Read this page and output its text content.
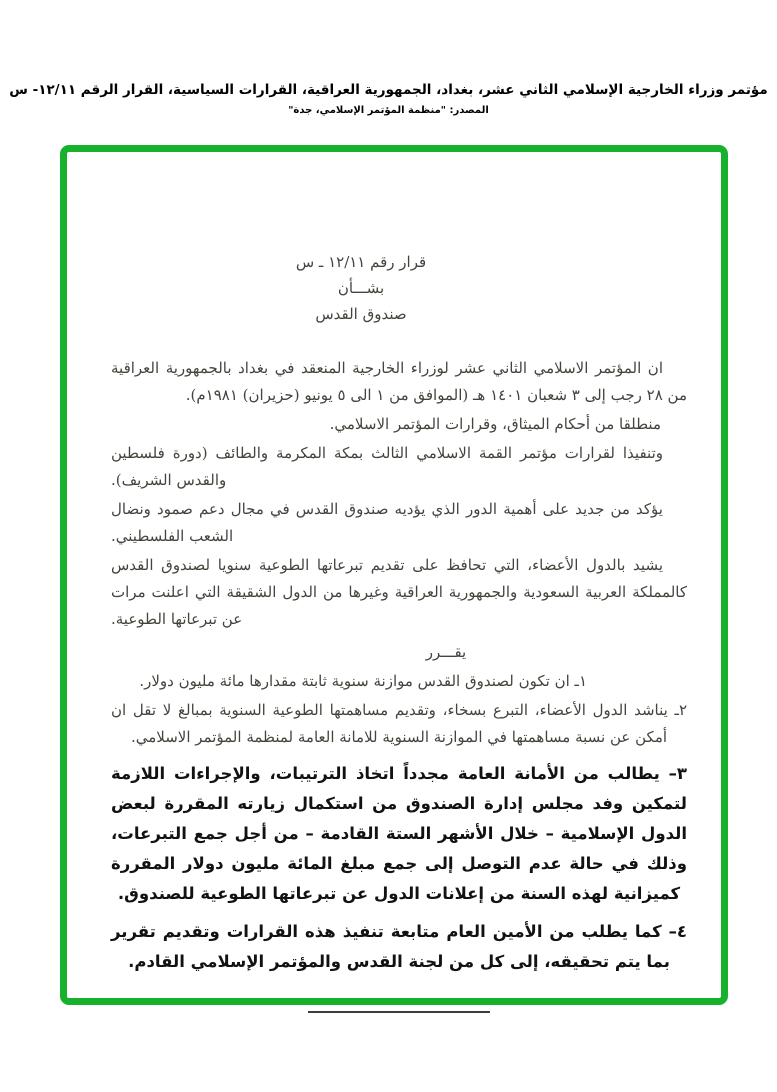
مؤتمر وزراء الخارجية الإسلامي الثاني عشر، بغداد، الجمهورية العراقية، القرارات السياسية، القرار الرقم ١٢/١١- س
المصدر: "منظمة المؤتمر الإسلامي، جدة"
قرار رقم ١٢/١١ ـ س
بشـــأن
صندوق القدس

ان المؤتمر الاسلامي الثاني عشر لوزراء الخارجية المنعقد في بغداد بالجمهورية العراقية من ٢٨ رجب إلى ٣ شعبان ١٤٠١ هـ (الموافق من ١ الى ٥ يونيو (حزيران) ١٩٨١م).

منطلقا من أحكام الميثاق، وقرارات المؤتمر الاسلامي.

وتنفيذا لقرارات مؤتمر القمة الاسلامي الثالث بمكة المكرمة والطائف (دورة فلسطين والقدس الشريف).

يؤكد من جديد على أهمية الدور الذي يؤديه صندوق القدس في مجال دعم صمود ونضال الشعب الفلسطيني.

يشيد بالدول الأعضاء، التي تحافظ على تقديم تبرعاتها الطوعية سنويا لصندوق القدس كالمملكة العربية السعودية والجمهورية العراقية وغيرها من الدول الشقيقة التي اعلنت مرات عن تبرعاتها الطوعية.

يقـــرر

١ـ ان تكون لصندوق القدس موازنة سنوية ثابتة مقدارها مائة مليون دولار.

٢ـ يناشد الدول الأعضاء، التبرع بسخاء، وتقديم مساهمتها الطوعية السنوية بمبالغ لا تقل ان أمكن عن نسبة مساهمتها في الموازنة السنوية للامانة العامة لمنظمة المؤتمر الاسلامي.

٣– يطالب من الأمانة العامة مجدداً اتخاذ الترتيبات، والإجراءات اللازمة لتمكين وفد مجلس إدارة الصندوق من استكمال زيارته المقررة لبعض الدول الإسلامية – خلال الأشهر الستة القادمة – من أجل جمع التبرعات، وذلك في حالة عدم التوصل إلى جمع مبلغ المائة مليون دولار المقررة كميزانية لهذه السنة من إعلانات الدول عن تبرعاتها الطوعية للصندوق.

٤– كما يطلب من الأمين العام متابعة تنفيذ هذه القرارات وتقديم تقرير بما يتم تحقيقه، إلى كل من لجنة القدس والمؤتمر الإسلامي القادم.
